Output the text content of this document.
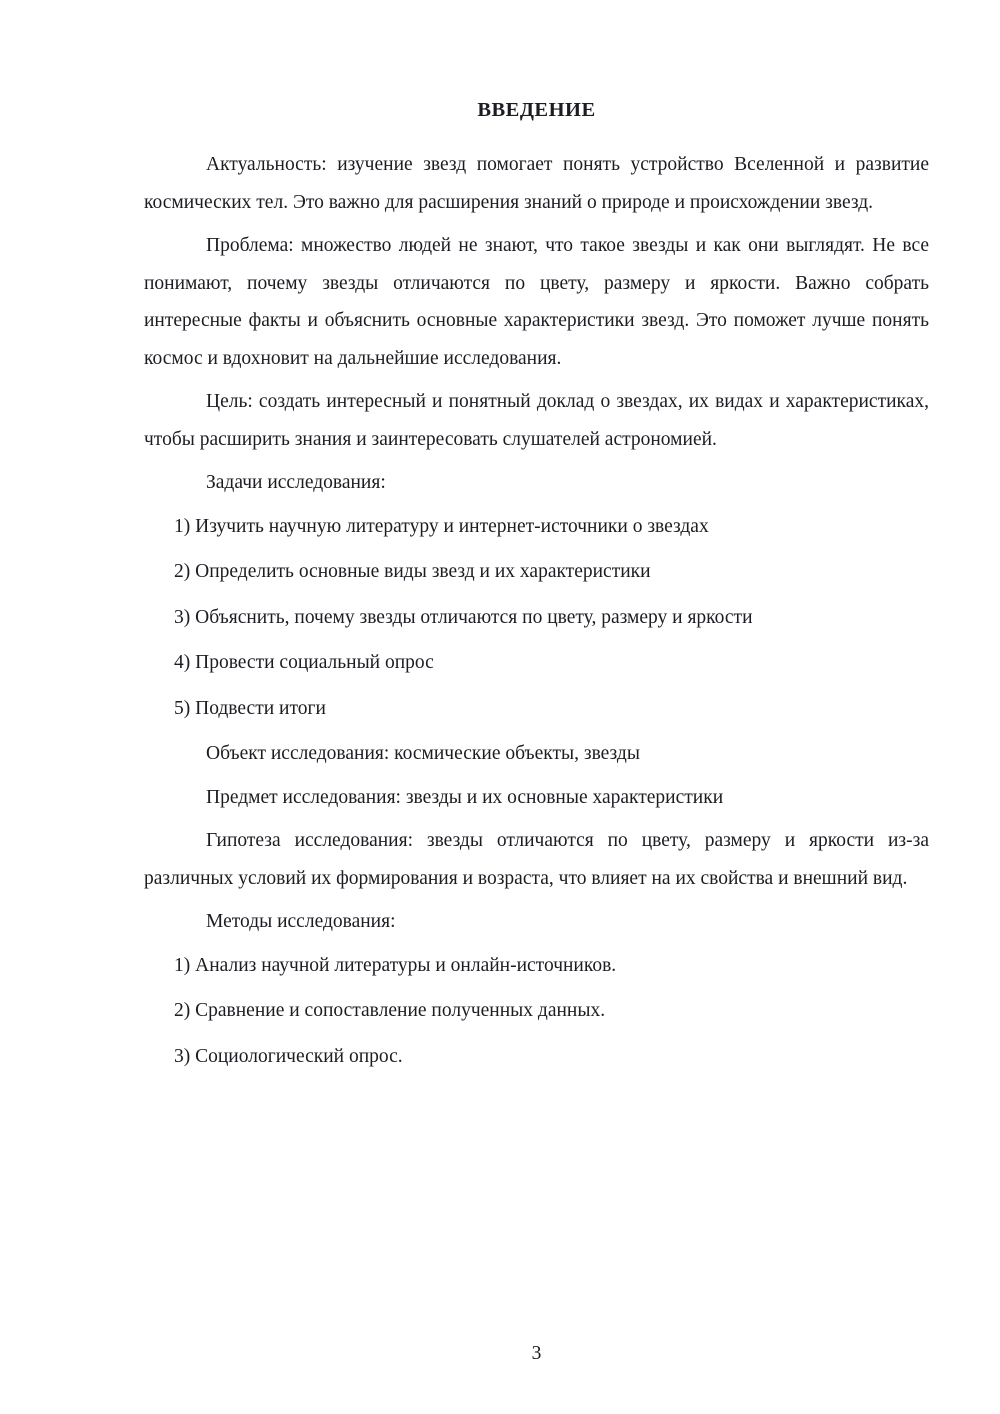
ВВЕДЕНИЕ

Актуальность: изучение звезд помогает понять устройство Вселенной и развитие космических тел. Это важно для расширения знаний о природе и происхождении звезд.

Проблема: множество людей не знают, что такое звезды и как они выглядят. Не все понимают, почему звезды отличаются по цвету, размеру и яркости. Важно собрать интересные факты и объяснить основные характеристики звезд. Это поможет лучше понять космос и вдохновит на дальнейшие исследования.

Цель: создать интересный и понятный доклад о звездах, их видах и характеристиках, чтобы расширить знания и заинтересовать слушателей астрономией.

Задачи исследования:

1) Изучить научную литературу и интернет-источники о звездах

2) Определить основные виды звезд и их характеристики

3) Объяснить, почему звезды отличаются по цвету, размеру и яркости

4) Провести социальный опрос

5) Подвести итоги

Объект исследования: космические объекты, звезды

Предмет исследования: звезды и их основные характеристики

Гипотеза исследования: звезды отличаются по цвету, размеру и яркости из-за различных условий их формирования и возраста, что влияет на их свойства и внешний вид.

Методы исследования:

1) Анализ научной литературы и онлайн-источников.

2) Сравнение и сопоставление полученных данных.

3) Социологический опрос.

3
